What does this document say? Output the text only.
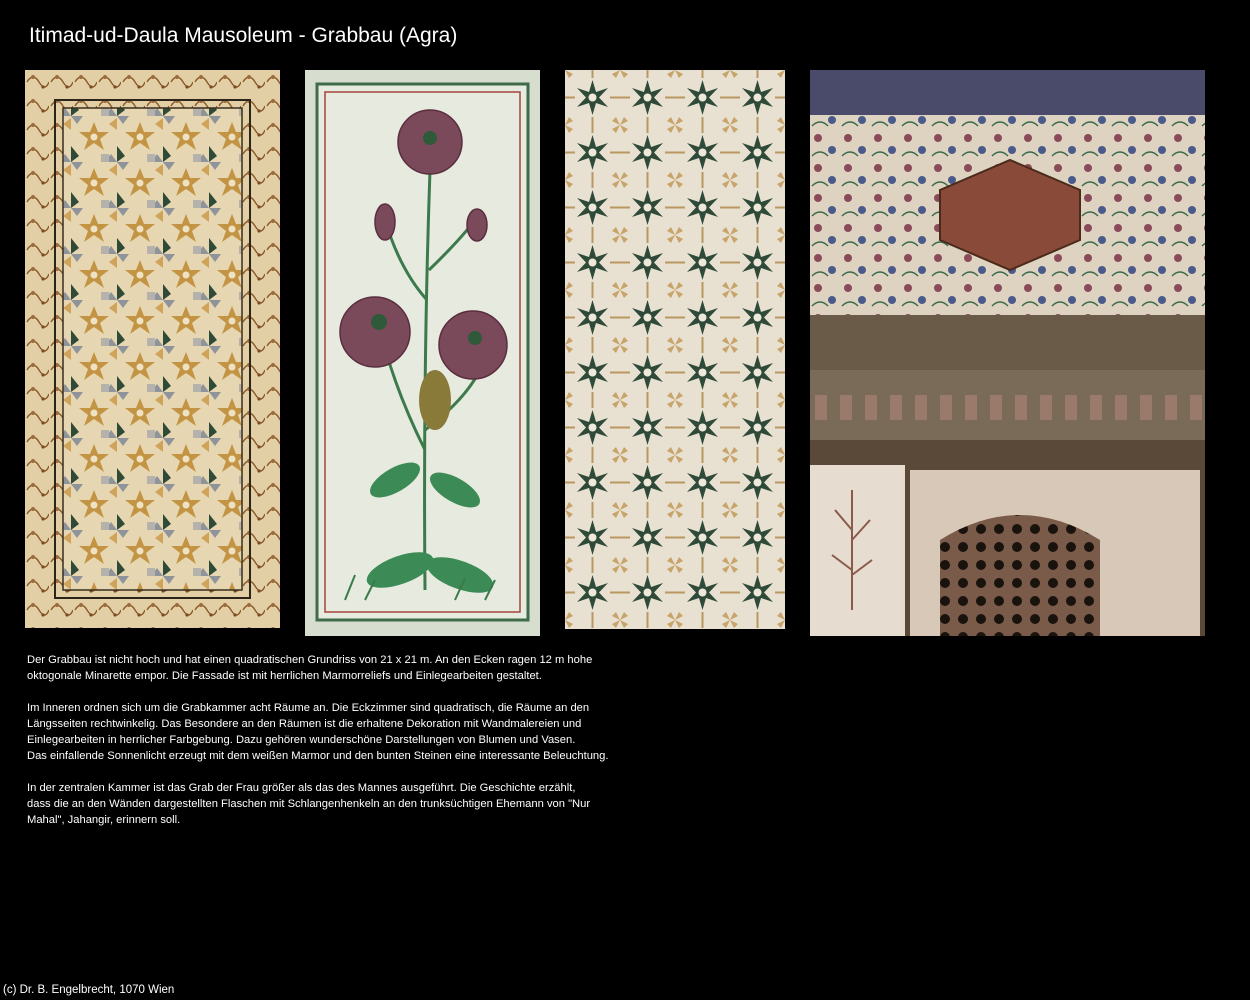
Itimad-ud-Daula Mausoleum - Grabbau (Agra)

Der Grabbau ist nicht hoch und hat einen quadratischen Grundriss von 21 x 21 m. An den Ecken ragen 12 m hohe
oktogonale Minarette empor. Die Fassade ist mit herrlichen Marmorreliefs und Einlegearbeiten gestaltet.

Im Inneren ordnen sich um die Grabkammer acht Räume an. Die Eckzimmer sind quadratisch, die Räume an den
Längsseiten rechtwinkelig. Das Besondere an den Räumen ist die erhaltene Dekoration mit Wandmalereien und
Einlegearbeiten in herrlicher Farbgebung. Dazu gehören wunderschöne Darstellungen von Blumen und Vasen.
Das einfallende Sonnenlicht erzeugt mit dem weißen Marmor und den bunten Steinen eine interessante Beleuchtung.

In der zentralen Kammer ist das Grab der Frau größer als das des Mannes ausgeführt. Die Geschichte erzählt,
dass die an den Wänden dargestellten Flaschen mit Schlangenhenkeln an den trunksüchtigen Ehemann von "Nur
Mahal", Jahangir, erinnern soll.

(c) Dr. B. Engelbrecht, 1070 Wien
